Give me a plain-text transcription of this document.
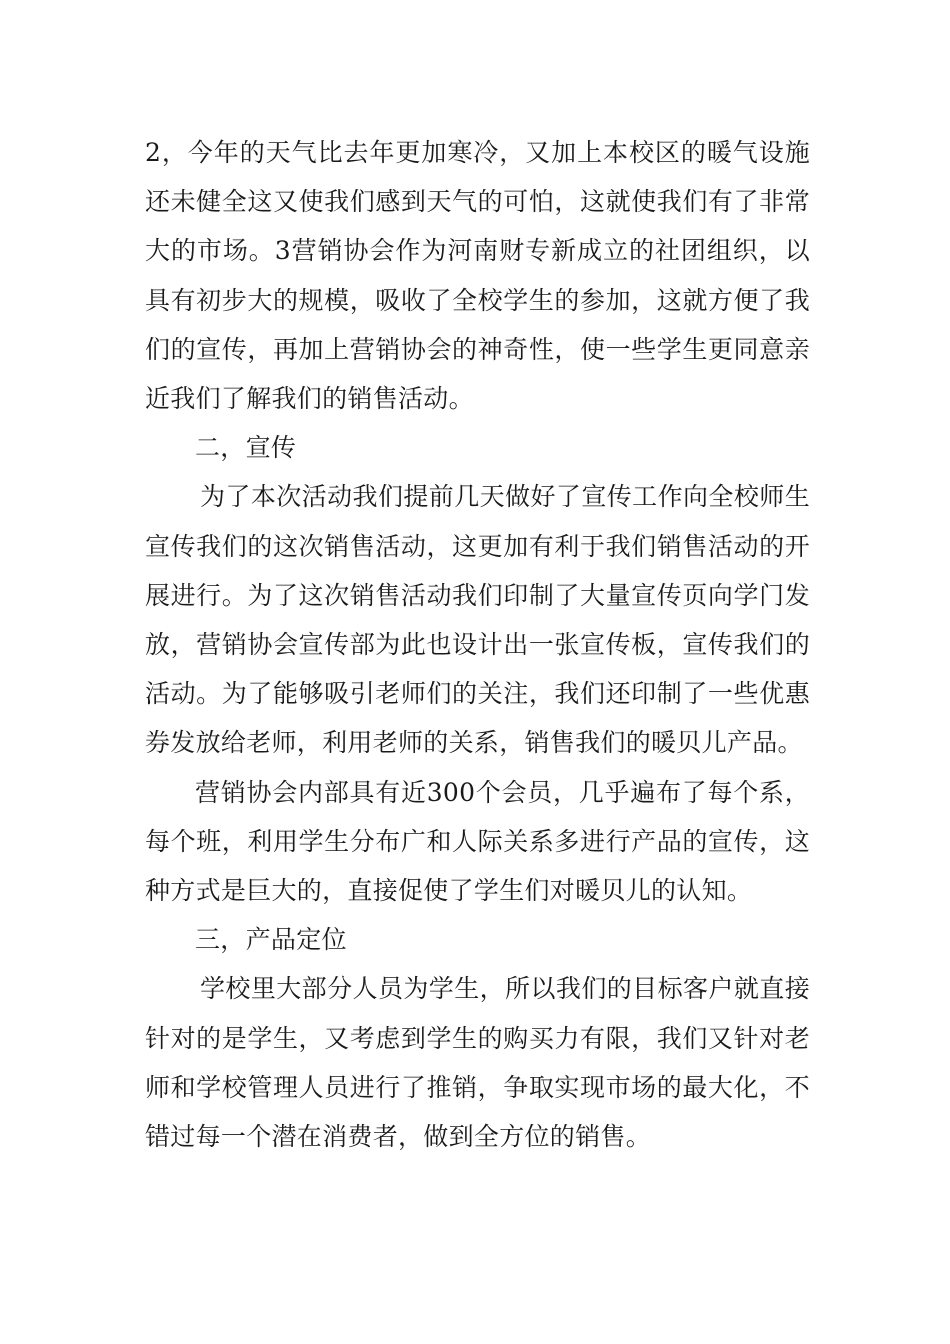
2，今年的天气比去年更加寒冷，又加上本校区的暖气设施还未健全这又使我们感到天气的可怕，这就使我们有了非常大的市场。3营销协会作为河南财专新成立的社团组织，以具有初步大的规模，吸收了全校学生的参加，这就方便了我们的宣传，再加上营销协会的神奇性，使一些学生更同意亲近我们了解我们的销售活动。

二，宣传

为了本次活动我们提前几天做好了宣传工作向全校师生宣传我们的这次销售活动，这更加有利于我们销售活动的开展进行。为了这次销售活动我们印制了大量宣传页向学门发放，营销协会宣传部为此也设计出一张宣传板，宣传我们的活动。为了能够吸引老师们的关注，我们还印制了一些优惠券发放给老师，利用老师的关系，销售我们的暖贝儿产品。

营销协会内部具有近300个会员，几乎遍布了每个系，每个班，利用学生分布广和人际关系多进行产品的宣传，这种方式是巨大的，直接促使了学生们对暖贝儿的认知。

三，产品定位

学校里大部分人员为学生，所以我们的目标客户就直接针对的是学生，又考虑到学生的购买力有限，我们又针对老师和学校管理人员进行了推销，争取实现市场的最大化，不错过每一个潜在消费者，做到全方位的销售。
